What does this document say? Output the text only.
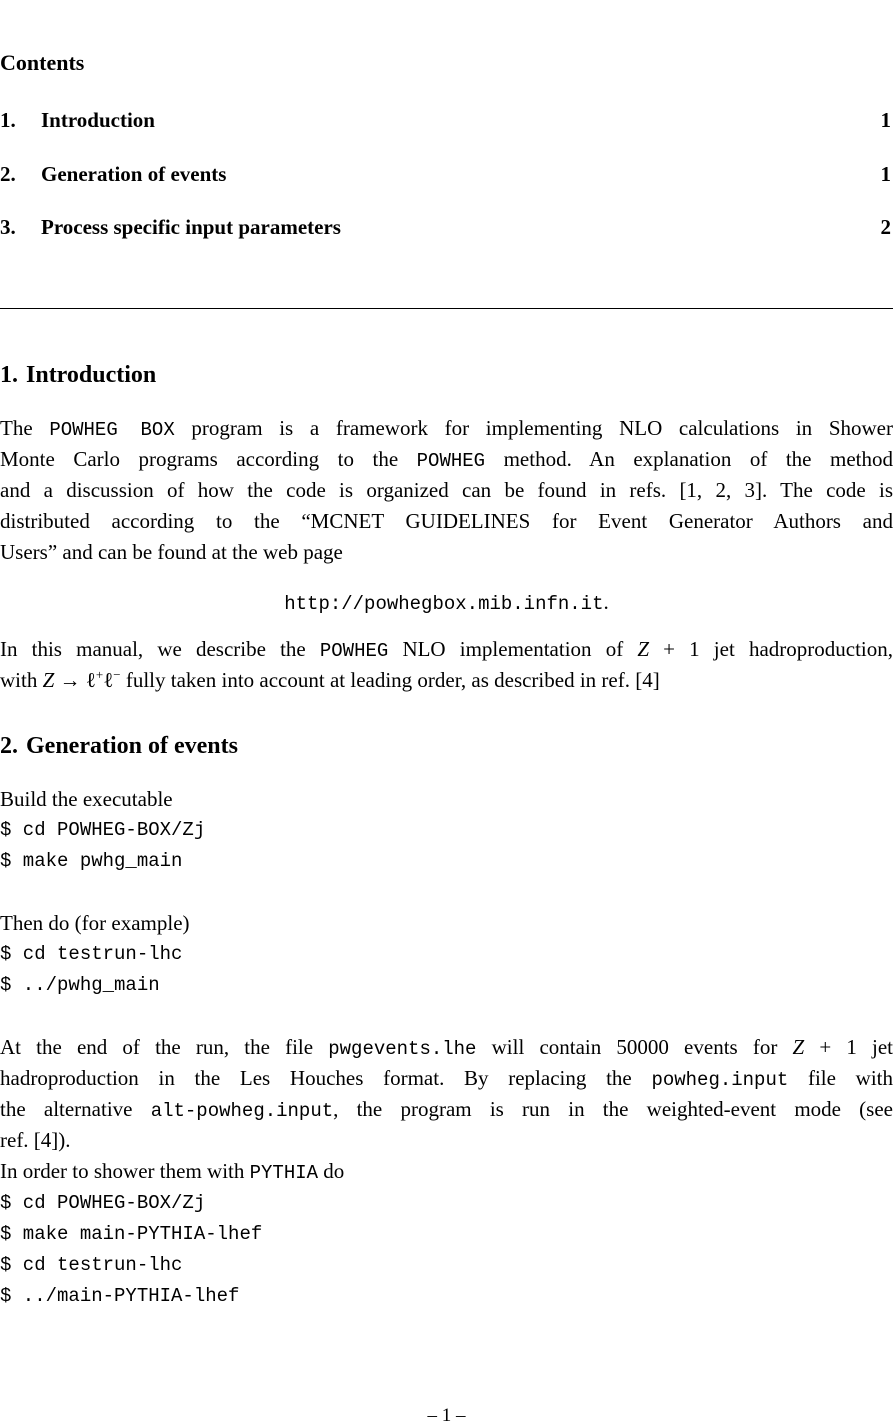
Contents
1. Introduction	1
2. Generation of events	1
3. Process specific input parameters	2
1. Introduction
The POWHEG BOX program is a framework for implementing NLO calculations in Shower
Monte Carlo programs according to the POWHEG method. An explanation of the method
and a discussion of how the code is organized can be found in refs. [1, 2, 3]. The code is
distributed according to the “MCNET GUIDELINES for Event Generator Authors and
Users” and can be found at the web page
http://powhegbox.mib.infn.it.
In this manual, we describe the POWHEG NLO implementation of Z + 1 jet hadroproduction,
with Z → ℓ+ℓ− fully taken into account at leading order, as described in ref. [4]
2. Generation of events
Build the executable
$ cd POWHEG-BOX/Zj
$ make pwhg_main
Then do (for example)
$ cd testrun-lhc
$ ../pwhg_main
At the end of the run, the file pwgevents.lhe will contain 50000 events for Z + 1 jet
hadroproduction in the Les Houches format. By replacing the powheg.input file with
the alternative alt-powheg.input, the program is run in the weighted-event mode (see
ref. [4]).
In order to shower them with PYTHIA do
$ cd POWHEG-BOX/Zj
$ make main-PYTHIA-lhef
$ cd testrun-lhc
$ ../main-PYTHIA-lhef
– 1 –
